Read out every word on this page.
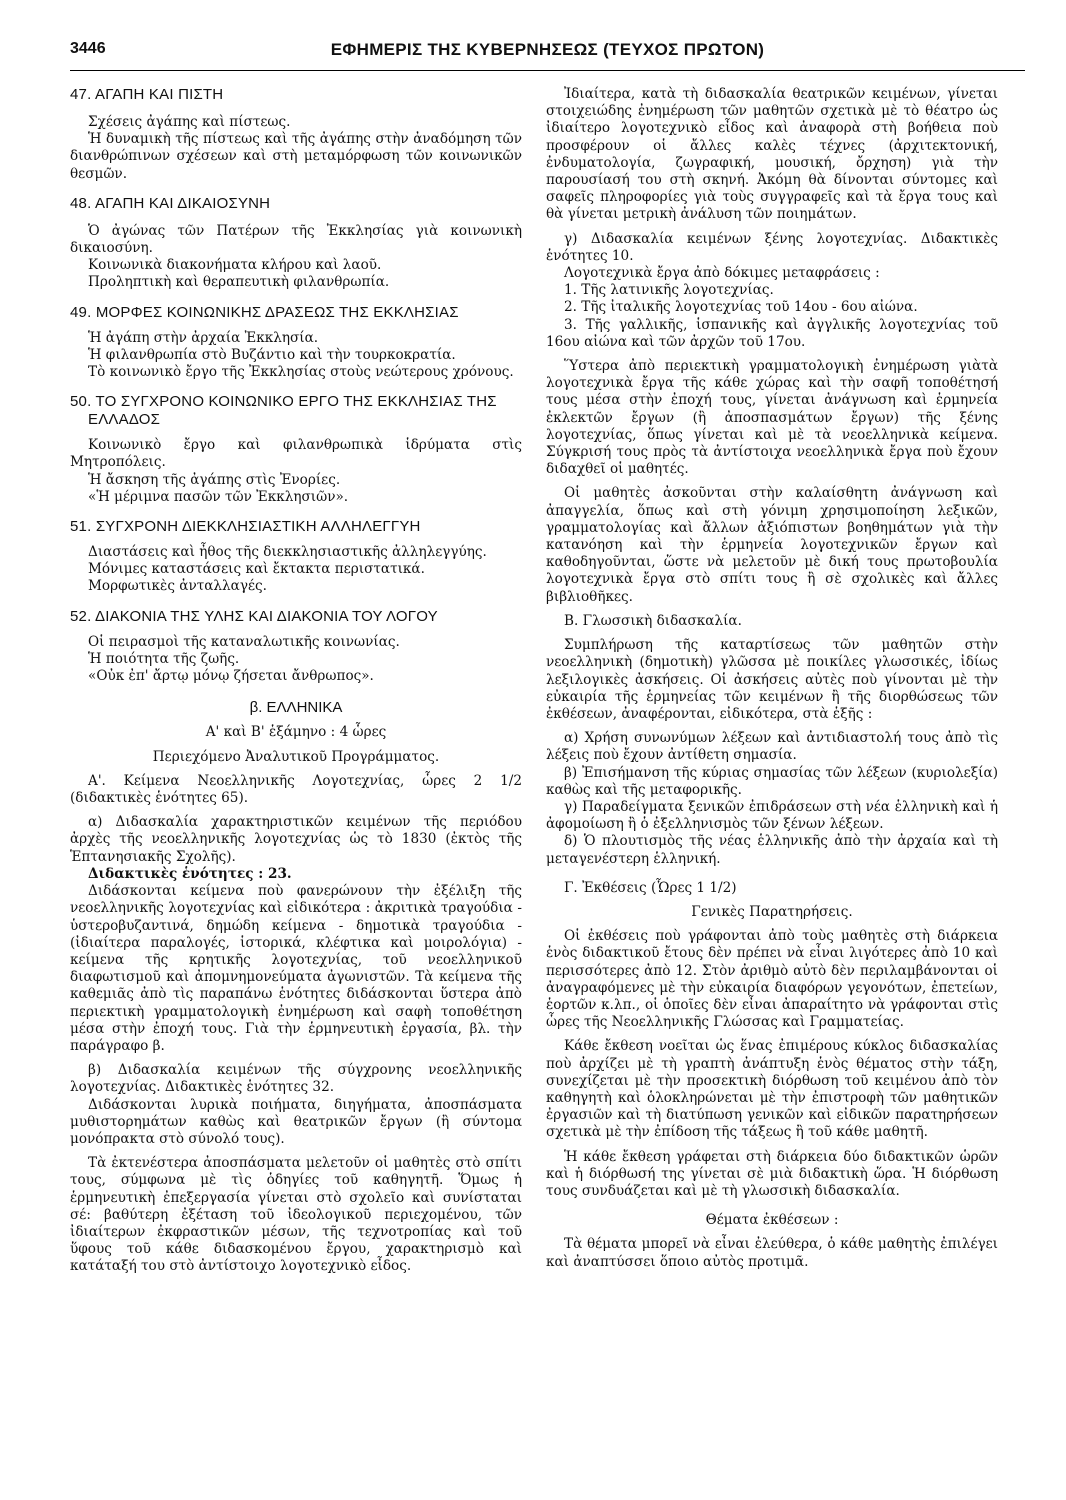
3446	ΕΦΗΜΕΡΙΣ ΤΗΣ ΚΥΒΕΡΝΗΣΕΩΣ (ΤΕΥΧΟΣ ΠΡΩΤΟΝ)
47. ΑΓΑΠΗ ΚΑΙ ΠΙΣΤΗ

Σχέσεις ἀγάπης καὶ πίστεως.

Ἡ δυναμικὴ τῆς πίστεως καὶ τῆς ἀγάπης στὴν ἀναδόμηση τῶν διανθρώπινων σχέσεων καὶ στὴ μεταμόρφωση τῶν κοινωνικῶν θεσμῶν.

48. ΑΓΑΠΗ ΚΑΙ ΔΙΚΑΙΟΣΥΝΗ

Ὁ ἀγώνας τῶν Πατέρων τῆς Ἐκκλησίας γιὰ κοινωνικὴ δικαιοσύνη.

Κοινωνικὰ διακονήματα κλήρου καὶ λαοῦ.

Προληπτικὴ καὶ θεραπευτικὴ φιλανθρωπία.

49. ΜΟΡΦΕΣ ΚΟΙΝΩΝΙΚΗΣ ΔΡΑΣΕΩΣ ΤΗΣ ΕΚΚΛΗΣΙΑΣ

Ἡ ἀγάπη στὴν ἀρχαία Ἐκκλησία.

Ἡ φιλανθρωπία στὸ Βυζάντιο καὶ τὴν τουρκοκρατία.

Τὸ κοινωνικὸ ἔργο τῆς Ἐκκλησίας στοὺς νεώτερους χρόνους.

50. ΤΟ ΣΥΓΧΡΟΝΟ ΚΟΙΝΩΝΙΚΟ ΕΡΓΟ ΤΗΣ ΕΚΚΛΗΣΙΑΣ ΤΗΣ ΕΛΛΑΔΟΣ

Κοινωνικὸ ἔργο καὶ φιλανθρωπικὰ ἱδρύματα στὶς Μητροπόλεις.

Ἡ ἄσκηση τῆς ἀγάπης στὶς Ἐνορίες.

«Ἡ μέριμνα πασῶν τῶν Ἐκκλησιῶν».

51. ΣΥΓΧΡΟΝΗ ΔΙΕΚΚΛΗΣΙΑΣΤΙΚΗ ΑΛΛΗΛΕΓΓΥΗ

Διαστάσεις καὶ ἦθος τῆς διεκκλησιαστικῆς ἀλληλεγγύης.

Μόνιμες καταστάσεις καὶ ἔκτακτα περιστατικά.

Μορφωτικὲς ἀνταλλαγές.

52. ΔΙΑΚΟΝΙΑ ΤΗΣ ΥΛΗΣ ΚΑΙ ΔΙΑΚΟΝΙΑ ΤΟΥ ΛΟΓΟΥ

Οἱ πειρασμοὶ τῆς καταναλωτικῆς κοινωνίας.

Ἡ ποιότητα τῆς ζωῆς.

«Οὐκ ἐπ' ἄρτῳ μόνῳ ζήσεται ἄνθρωπος».

β. ΕΛΛΗΝΙΚΑ

Α' καὶ Β' ἑξάμηνο : 4 ὧρες

Περιεχόμενο Ἀναλυτικοῦ Προγράμματος.

Α'. Κείμενα Νεοελληνικῆς Λογοτεχνίας, ὧρες 2 1/2 (διδακτικὲς ἑνότητες 65).

α) Διδασκαλία χαρακτηριστικῶν κειμένων τῆς περιόδου ἀρχὲς τῆς νεοελληνικῆς λογοτεχνίας ὡς τὸ 1830 (ἐκτὸς τῆς Ἑπτανησιακῆς Σχολῆς).

Διδακτικὲς ἑνότητες : 23.

Διδάσκονται κείμενα ποὺ φανερώνουν τὴν ἐξέλιξη τῆς νεοελληνικῆς λογοτεχνίας καὶ εἰδικότερα : ἀκριτικὰ τραγούδια - ὑστεροβυζαντινά, δημώδη κείμενα - δημοτικὰ τραγούδια - (ἰδιαίτερα παραλογές, ἱστορικά, κλέφτικα καὶ μοιρολόγια) - κείμενα τῆς κρητικῆς λογοτεχνίας, τοῦ νεοελληνικοῦ διαφωτισμοῦ καὶ ἀπομνημονεύματα ἀγωνιστῶν. Τὰ κείμενα τῆς καθεμιᾶς ἀπὸ τὶς παραπάνω ἑνότητες διδάσκονται ὕστερα ἀπὸ περιεκτικὴ γραμματολογικὴ ἐνημέρωση καὶ σαφὴ τοποθέτηση μέσα στὴν ἐποχή τους. Γιὰ τὴν ἑρμηνευτικὴ ἐργασία, βλ. τὴν παράγραφο β.

β) Διδασκαλία κειμένων τῆς σύγχρονης νεοελληνικῆς λογοτεχνίας. Διδακτικὲς ἑνότητες 32.

Διδάσκονται λυρικὰ ποιήματα, διηγήματα, ἀποσπάσματα μυθιστορημάτων καθὼς καὶ θεατρικῶν ἔργων (ἢ σύντομα μονόπρακτα στὸ σύνολό τους).

Τὰ ἐκτενέστερα ἀποσπάσματα μελετοῦν οἱ μαθητὲς στὸ σπίτι τους, σύμφωνα μὲ τὶς ὁδηγίες τοῦ καθηγητῆ. Ὅμως ἡ ἑρμηνευτικὴ ἐπεξεργασία γίνεται στὸ σχολεῖο καὶ συνίσταται σέ: βαθύτερη ἐξέταση τοῦ ἰδεολογικοῦ περιεχομένου, τῶν ἰδιαίτερων ἐκφραστικῶν μέσων, τῆς τεχνοτροπίας καὶ τοῦ ὕφους τοῦ κάθε διδασκομένου ἔργου, χαρακτηρισμὸ καὶ κατάταξή του στὸ ἀντίστοιχο λογοτεχνικὸ εἶδος.

Ἰδιαίτερα, κατὰ τὴ διδασκαλία θεατρικῶν κειμένων, γίνεται στοιχειώδης ἐνημέρωση τῶν μαθητῶν σχετικὰ μὲ τὸ θέατρο ὡς ἰδιαίτερο λογοτεχνικὸ εἶδος καὶ ἀναφορὰ στὴ βοήθεια ποὺ προσφέρουν οἱ ἄλλες καλὲς τέχνες (ἀρχιτεκτονική, ἐνδυματολογία, ζωγραφική, μουσική, ὄρχηση) γιὰ τὴν παρουσίασή του στὴ σκηνή. Ἀκόμη θὰ δίνονται σύντομες καὶ σαφεῖς πληροφορίες γιὰ τοὺς συγγραφεῖς καὶ τὰ ἔργα τους καὶ θὰ γίνεται μετρικὴ ἀνάλυση τῶν ποιημάτων.

γ) Διδασκαλία κειμένων ξένης λογοτεχνίας. Διδακτικὲς ἑνότητες 10.

Λογοτεχνικὰ ἔργα ἀπὸ δόκιμες μεταφράσεις :

1. Τῆς λατινικῆς λογοτεχνίας.

2. Τῆς ἰταλικῆς λογοτεχνίας τοῦ 14ου - 6ου αἰώνα.

3. Τῆς γαλλικῆς, ἱσπανικῆς καὶ ἀγγλικῆς λογοτεχνίας τοῦ 16ου αἰώνα καὶ τῶν ἀρχῶν τοῦ 17ου.

Ὕστερα ἀπὸ περιεκτικὴ γραμματολογικὴ ἐνημέρωση γιὰτὰ λογοτεχνικὰ ἔργα τῆς κάθε χώρας καὶ τὴν σαφῆ τοποθέτησή τους μέσα στὴν ἐποχή τους, γίνεται ἀνάγνωση καὶ ἑρμηνεία ἐκλεκτῶν ἔργων (ἢ ἀποσπασμάτων ἔργων) τῆς ξένης λογοτεχνίας, ὅπως γίνεται καὶ μὲ τὰ νεοελληνικὰ κείμενα. Σύγκρισή τους πρὸς τὰ ἀντίστοιχα νεοελληνικὰ ἔργα ποὺ ἔχουν διδαχθεῖ οἱ μαθητές.

Οἱ μαθητὲς ἀσκοῦνται στὴν καλαίσθητη ἀνάγνωση καὶ ἀπαγγελία, ὅπως καὶ στὴ γόνιμη χρησιμοποίηση λεξικῶν, γραμματολογίας καὶ ἄλλων ἀξιόπιστων βοηθημάτων γιὰ τὴν κατανόηση καὶ τὴν ἑρμηνεία λογοτεχνικῶν ἔργων καὶ καθοδηγοῦνται, ὥστε νὰ μελετοῦν μὲ δική τους πρωτοβουλία λογοτεχνικὰ ἔργα στὸ σπίτι τους ἢ σὲ σχολικὲς καὶ ἄλλες βιβλιοθῆκες.

Β. Γλωσσικὴ διδασκαλία.

Συμπλήρωση τῆς καταρτίσεως τῶν μαθητῶν στὴν νεοελληνικὴ (δημοτικὴ) γλῶσσα μὲ ποικίλες γλωσσικές, ἰδίως λεξιλογικὲς ἀσκήσεις. Οἱ ἀσκήσεις αὐτὲς ποὺ γίνονται μὲ τὴν εὐκαιρία τῆς ἑρμηνείας τῶν κειμένων ἢ τῆς διορθώσεως τῶν ἐκθέσεων, ἀναφέρονται, εἰδικότερα, στὰ ἑξῆς :

α) Χρήση συνωνύμων λέξεων καὶ ἀντιδιαστολή τους ἀπὸ τὶς λέξεις ποὺ ἔχουν ἀντίθετη σημασία.

β) Ἐπισήμανση τῆς κύριας σημασίας τῶν λέξεων (κυριολεξία) καθὼς καὶ τῆς μεταφορικῆς.

γ) Παραδείγματα ξενικῶν ἐπιδράσεων στὴ νέα ἑλληνικὴ καὶ ἡ ἀφομοίωση ἢ ὁ ἐξελληνισμὸς τῶν ξένων λέξεων.

δ) Ὁ πλουτισμὸς τῆς νέας ἑλληνικῆς ἀπὸ τὴν ἀρχαία καὶ τὴ μεταγενέστερη ἑλληνική.

Γ. Ἐκθέσεις (Ὧρες 1 1/2)

Γενικὲς Παρατηρήσεις.

Οἱ ἐκθέσεις ποὺ γράφονται ἀπὸ τοὺς μαθητὲς στὴ διάρκεια ἑνὸς διδακτικοῦ ἔτους δὲν πρέπει νὰ εἶναι λιγότερες ἀπὸ 10 καὶ περισσότερες ἀπὸ 12. Στὸν ἀριθμὸ αὐτὸ δὲν περιλαμβάνονται οἱ ἀναγραφόμενες μὲ τὴν εὐκαιρία διαφόρων γεγονότων, ἐπετείων, ἑορτῶν κ.λπ., οἱ ὁποῖες δὲν εἶναι ἀπαραίτητο νὰ γράφονται στὶς ὧρες τῆς Νεοελληνικῆς Γλώσσας καὶ Γραμματείας.

Κάθε ἔκθεση νοεῖται ὡς ἕνας ἐπιμέρους κύκλος διδασκαλίας ποὺ ἀρχίζει μὲ τὴ γραπτὴ ἀνάπτυξη ἑνὸς θέματος στὴν τάξη, συνεχίζεται μὲ τὴν προσεκτικὴ διόρθωση τοῦ κειμένου ἀπὸ τὸν καθηγητὴ καὶ ὁλοκληρώνεται μὲ τὴν ἐπιστροφὴ τῶν μαθητικῶν ἐργασιῶν καὶ τὴ διατύπωση γενικῶν καὶ εἰδικῶν παρατηρήσεων σχετικὰ μὲ τὴν ἐπίδοση τῆς τάξεως ἢ τοῦ κάθε μαθητῆ.

Ἡ κάθε ἔκθεση γράφεται στὴ διάρκεια δύο διδακτικῶν ὡρῶν καὶ ἡ διόρθωσή της γίνεται σὲ μιὰ διδακτικὴ ὥρα. Ἡ διόρθωση τους συνδυάζεται καὶ μὲ τὴ γλωσσικὴ διδασκαλία.

Θέματα ἐκθέσεων :

Τὰ θέματα μπορεῖ νὰ εἶναι ἐλεύθερα, ὁ κάθε μαθητὴς ἐπιλέγει καὶ ἀναπτύσσει ὅποιο αὐτὸς προτιμᾶ.
